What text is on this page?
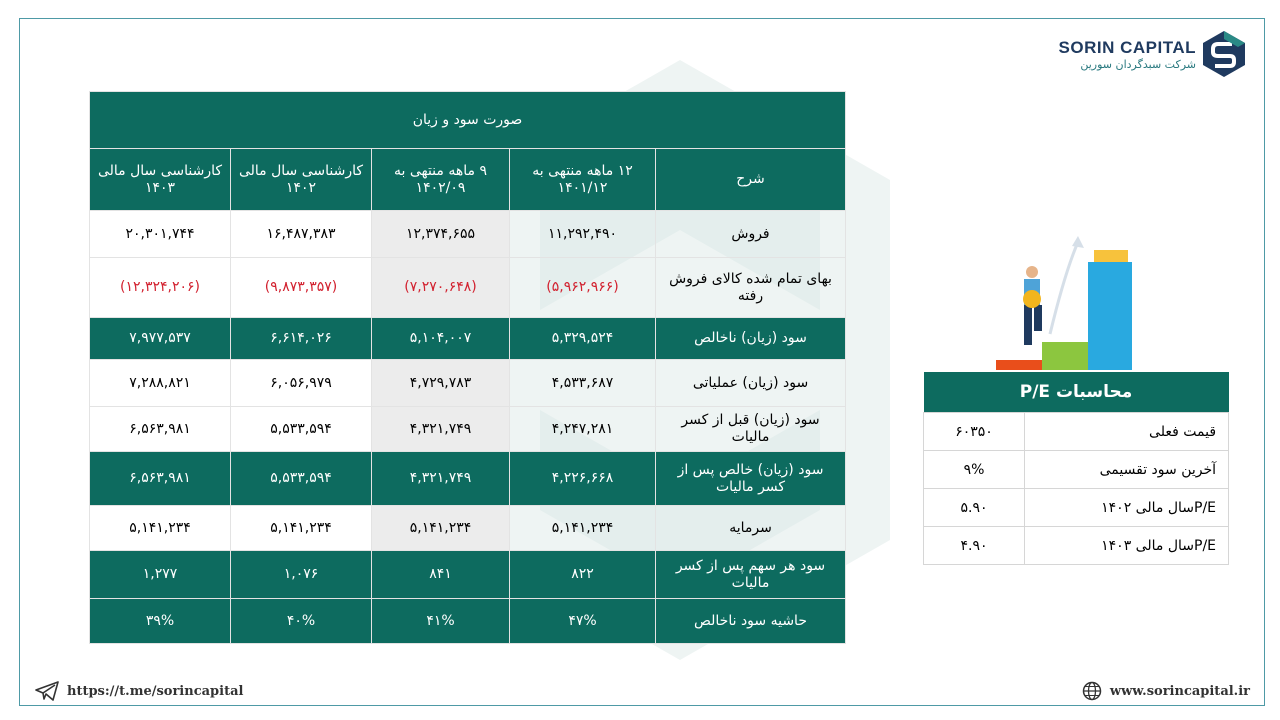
SORIN CAPITAL
شرکت سبدگردان سورین
صورت سود و زیان				
شرح	۱۲ ماهه منتهی به ۱۴۰۱/۱۲	۹ ماهه منتهی به ۱۴۰۲/۰۹	کارشناسی سال مالی ۱۴۰۲	کارشناسی سال مالی ۱۴۰۳
فروش	۱۱,۲۹۲,۴۹۰	۱۲,۳۷۴,۶۵۵	۱۶,۴۸۷,۳۸۳	۲۰,۳۰۱,۷۴۴
بهای تمام شده کالای فروش رفته	(۵,۹۶۲,۹۶۶)	(۷,۲۷۰,۶۴۸)	(۹,۸۷۳,۳۵۷)	(۱۲,۳۲۴,۲۰۶)
سود (زیان) ناخالص	۵,۳۲۹,۵۲۴	۵,۱۰۴,۰۰۷	۶,۶۱۴,۰۲۶	۷,۹۷۷,۵۳۷
سود (زیان) عملیاتی	۴,۵۳۳,۶۸۷	۴,۷۲۹,۷۸۳	۶,۰۵۶,۹۷۹	۷,۲۸۸,۸۲۱
سود (زیان) قبل از کسر مالیات	۴,۲۴۷,۲۸۱	۴,۳۲۱,۷۴۹	۵,۵۳۳,۵۹۴	۶,۵۶۳,۹۸۱
سود (زیان) خالص پس از کسر مالیات	۴,۲۲۶,۶۶۸	۴,۳۲۱,۷۴۹	۵,۵۳۳,۵۹۴	۶,۵۶۳,۹۸۱
سرمایه	۵,۱۴۱,۲۳۴	۵,۱۴۱,۲۳۴	۵,۱۴۱,۲۳۴	۵,۱۴۱,۲۳۴
سود هر سهم پس از کسر مالیات	۸۲۲	۸۴۱	۱,۰۷۶	۱,۲۷۷
حاشیه سود ناخالص	۴۷%	۴۱%	۴۰%	۳۹%
محاسبات P/E	
قیمت فعلی	۶۰۳۵۰
آخرین سود تقسیمی	۹%
P/Eسال مالی ۱۴۰۲	۵.۹۰
P/Eسال مالی ۱۴۰۳	۴.۹۰
https://t.me/sorincapital	www.sorincapital.ir
